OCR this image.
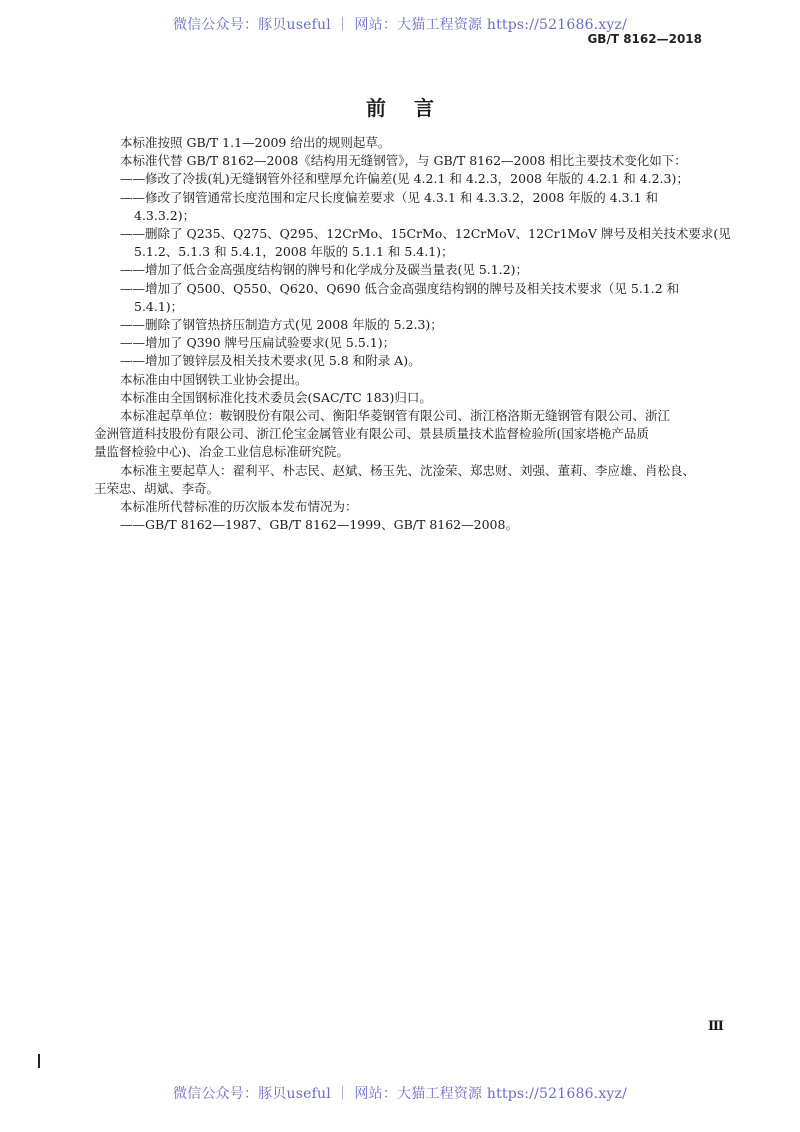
微信公众号：豚贝useful ｜ 网站：大猫工程资源 https://521686.xyz/
GB/T 8162—2018
前言

本标准按照 GB/T 1.1—2009 给出的规则起草。

本标准代替 GB/T 8162—2008《结构用无缝钢管》，与 GB/T 8162—2008 相比主要技术变化如下：

——修改了冷拔(轧)无缝钢管外径和壁厚允许偏差(见 4.2.1 和 4.2.3，2008 年版的 4.2.1 和 4.2.3)；

——修改了钢管通常长度范围和定尺长度偏差要求（见 4.3.1 和 4.3.3.2，2008 年版的 4.3.1 和

4.3.3.2)；

——删除了 Q235、Q275、Q295、12CrMo、15CrMo、12CrMoV、12Cr1MoV 牌号及相关技术要求(见

5.1.2、5.1.3 和 5.4.1，2008 年版的 5.1.1 和 5.4.1)；

——增加了低合金高强度结构钢的牌号和化学成分及碳当量表(见 5.1.2)；

——增加了 Q500、Q550、Q620、Q690 低合金高强度结构钢的牌号及相关技术要求（见 5.1.2 和

5.4.1)；

——删除了钢管热挤压制造方式(见 2008 年版的 5.2.3)；

——增加了 Q390 牌号压扁试验要求(见 5.5.1)；

——增加了镀锌层及相关技术要求(见 5.8 和附录 A)。

本标准由中国钢铁工业协会提出。

本标准由全国钢标准化技术委员会(SAC/TC 183)归口。

本标准起草单位：鞍钢股份有限公司、衡阳华菱钢管有限公司、浙江格洛斯无缝钢管有限公司、浙江

金洲管道科技股份有限公司、浙江伦宝金属管业有限公司、景县质量技术监督检验所(国家塔桅产品质

量监督检验中心)、冶金工业信息标准研究院。

本标准主要起草人：翟利平、朴志民、赵斌、杨玉先、沈淦荣、郑忠财、刘强、董莉、李应雄、肖松良、

王荣忠、胡斌、李奇。

本标准所代替标准的历次版本发布情况为：

——GB/T 8162—1987、GB/T 8162—1999、GB/T 8162—2008。

Ⅲ
微信公众号：豚贝useful ｜ 网站：大猫工程资源 https://521686.xyz/
